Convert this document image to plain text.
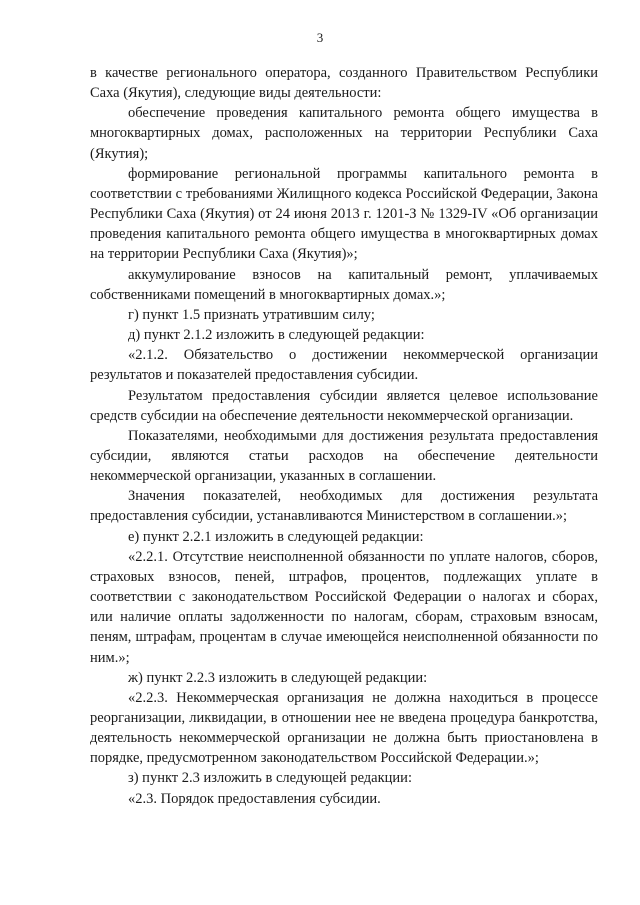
3

в качестве регионального оператора, созданного Правительством Республики Саха (Якутия), следующие виды деятельности:

обеспечение проведения капитального ремонта общего имущества в многоквартирных домах, расположенных на территории Республики Саха (Якутия);

формирование региональной программы капитального ремонта в соответствии с требованиями Жилищного кодекса Российской Федерации, Закона Республики Саха (Якутия) от 24 июня 2013 г. 1201-З № 1329-IV «Об организации проведения капитального ремонта общего имущества в многоквартирных домах на территории Республики Саха (Якутия)»;

аккумулирование взносов на капитальный ремонт, уплачиваемых собственниками помещений в многоквартирных домах.»;

г) пункт 1.5 признать утратившим силу;

д) пункт 2.1.2 изложить в следующей редакции:

«2.1.2. Обязательство о достижении некоммерческой организации результатов и показателей предоставления субсидии.

Результатом предоставления субсидии является целевое использование средств субсидии на обеспечение деятельности некоммерческой организации.

Показателями, необходимыми для достижения результата предоставления субсидии, являются статьи расходов на обеспечение деятельности некоммерческой организации, указанных в соглашении.

Значения показателей, необходимых для достижения результата предоставления субсидии, устанавливаются Министерством в соглашении.»;

е) пункт 2.2.1 изложить в следующей редакции:

«2.2.1. Отсутствие неисполненной обязанности по уплате налогов, сборов, страховых взносов, пеней, штрафов, процентов, подлежащих уплате в соответствии с законодательством Российской Федерации о налогах и сборах, или наличие оплаты задолженности по налогам, сборам, страховым взносам, пеням, штрафам, процентам в случае имеющейся неисполненной обязанности по ним.»;

ж) пункт 2.2.3 изложить в следующей редакции:

«2.2.3. Некоммерческая организация не должна находиться в процессе реорганизации, ликвидации, в отношении нее не введена процедура банкротства, деятельность некоммерческой организации не должна быть приостановлена в порядке, предусмотренном законодательством Российской Федерации.»;

з) пункт 2.3 изложить в следующей редакции:

«2.3. Порядок предоставления субсидии.
